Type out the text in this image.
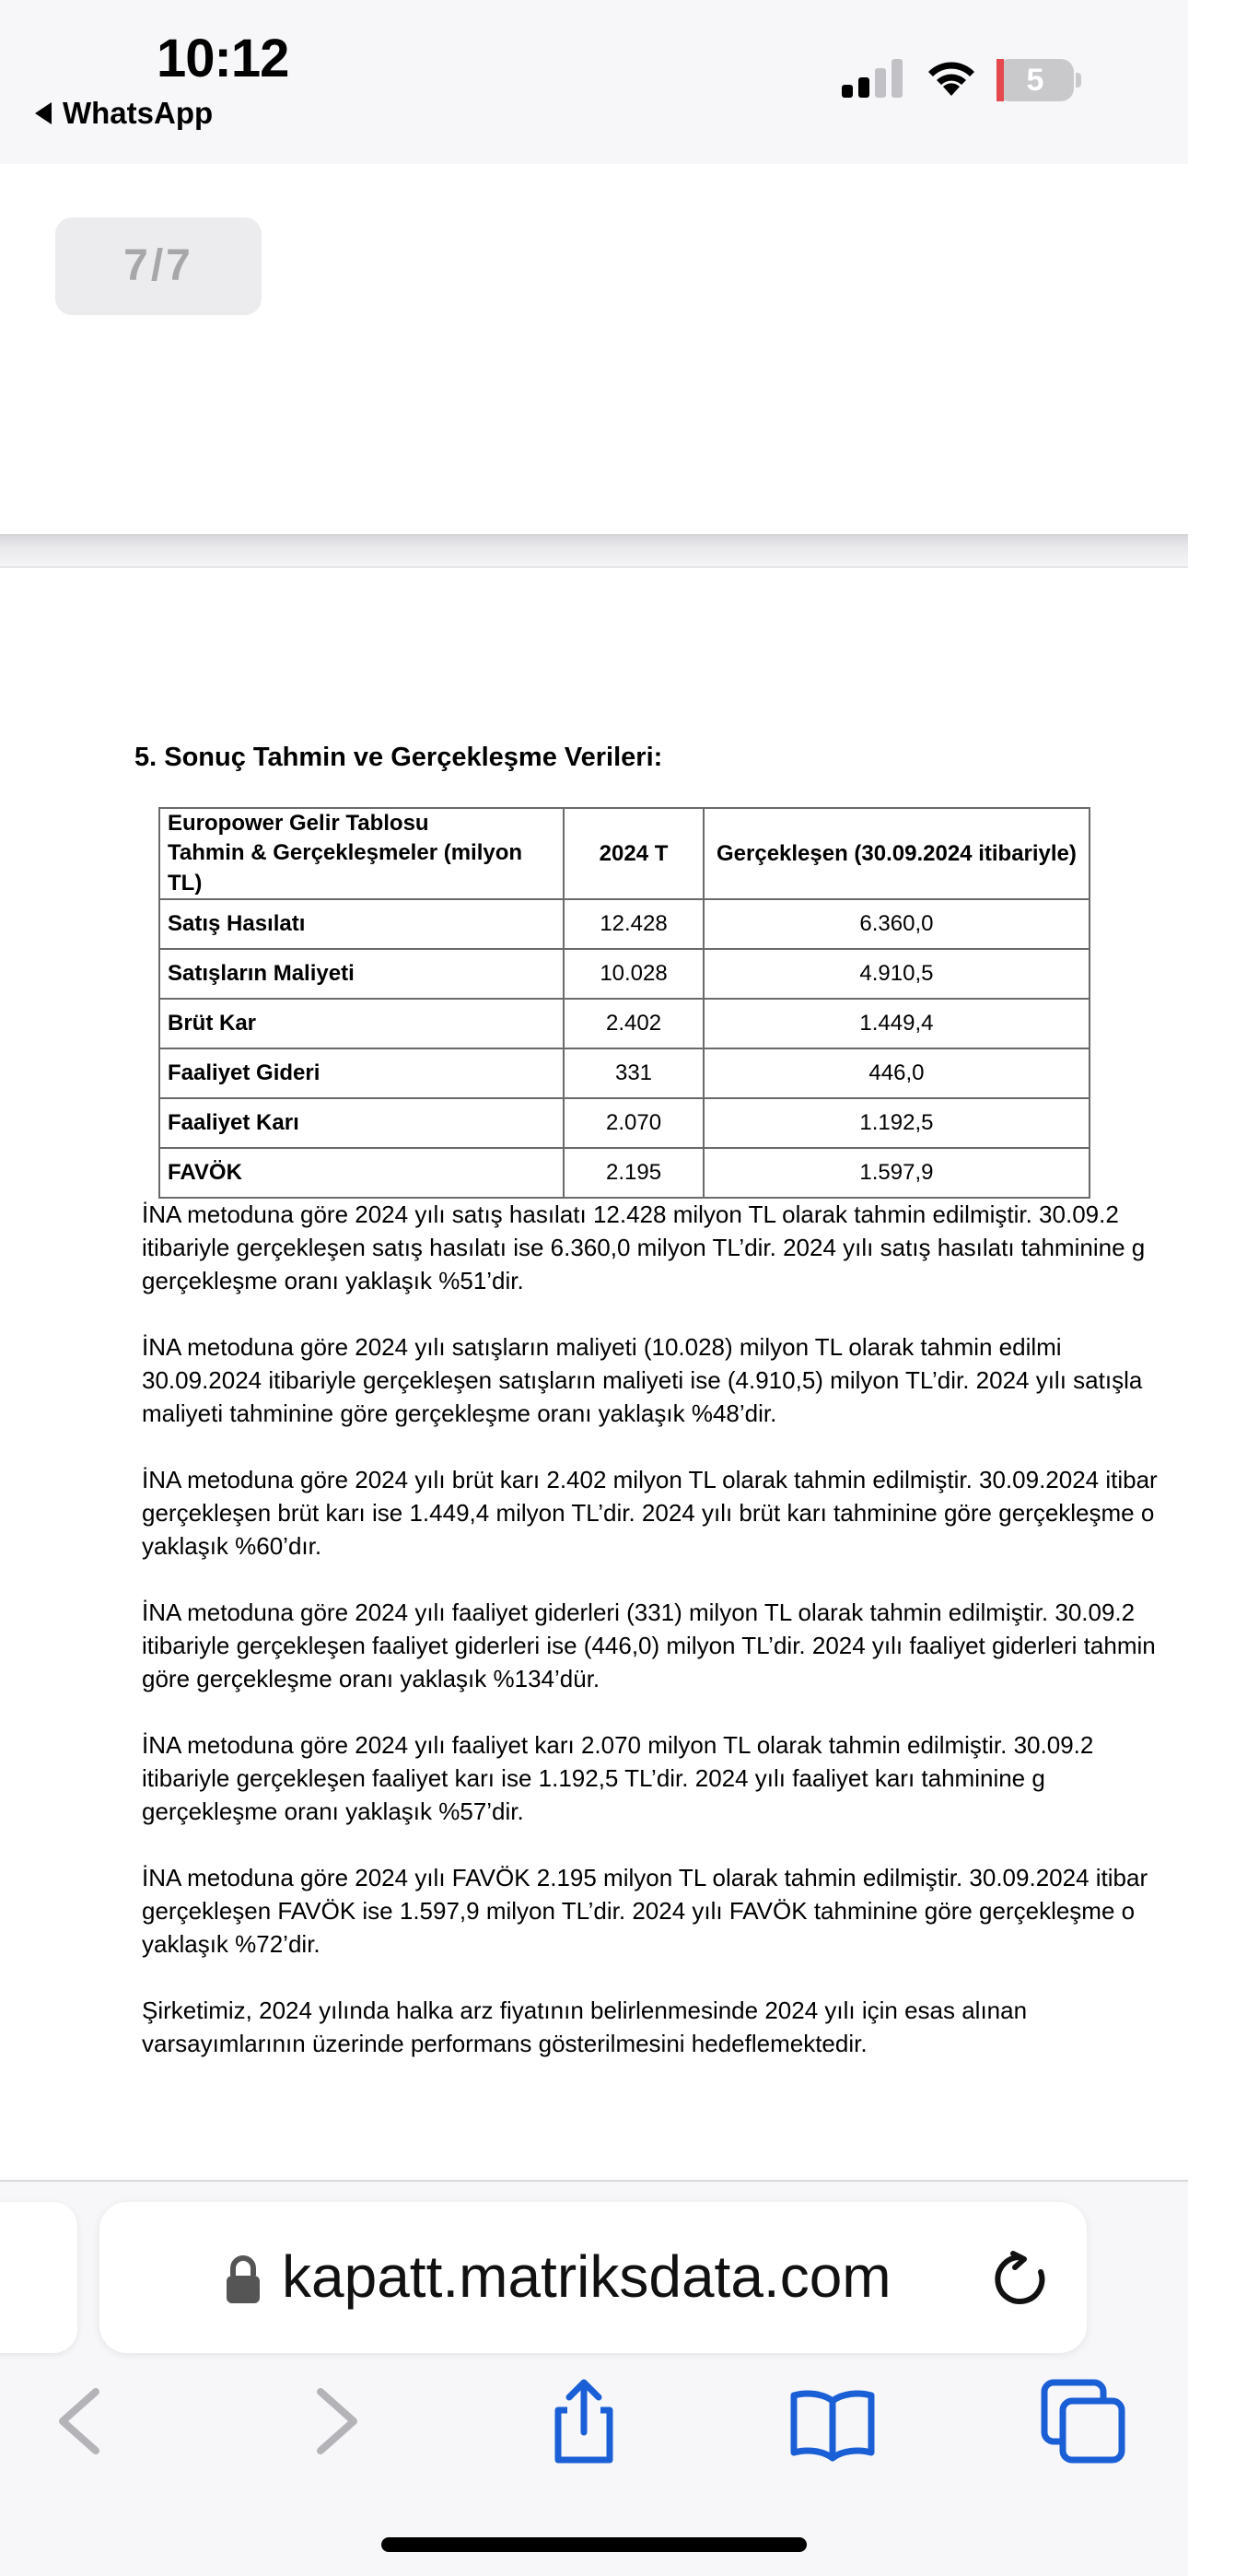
10:12
WhatsApp
5
7/7
5. Sonuç Tahmin ve Gerçekleşme Verileri:
Europower Gelir Tablosu
Tahmin & Gerçekleşmeler (milyon TL)	2024 T	Gerçekleşen (30.09.2024 itibariyle)
Satış Hasılatı	12.428	6.360,0
Satışların Maliyeti	10.028	4.910,5
Brüt Kar	2.402	1.449,4
Faaliyet Gideri	331	446,0
Faaliyet Karı	2.070	1.192,5
FAVÖK	2.195	1.597,9
İNA metoduna göre 2024 yılı satış hasılatı 12.428 milyon TL olarak tahmin edilmiştir. 30.09.2
itibariyle gerçekleşen satış hasılatı ise 6.360,0 milyon TL’dir. 2024 yılı satış hasılatı tahminine g
gerçekleşme oranı yaklaşık %51’dir.
İNA metoduna göre 2024 yılı satışların maliyeti (10.028) milyon TL olarak tahmin edilmi
30.09.2024 itibariyle gerçekleşen satışların maliyeti ise (4.910,5) milyon TL’dir. 2024 yılı satışla
maliyeti tahminine göre gerçekleşme oranı yaklaşık %48’dir.
İNA metoduna göre 2024 yılı brüt karı 2.402 milyon TL olarak tahmin edilmiştir. 30.09.2024 itibar
gerçekleşen brüt karı ise 1.449,4 milyon TL’dir. 2024 yılı brüt karı tahminine göre gerçekleşme o
yaklaşık %60’dır.
İNA metoduna göre 2024 yılı faaliyet giderleri (331) milyon TL olarak tahmin edilmiştir. 30.09.2
itibariyle gerçekleşen faaliyet giderleri ise (446,0) milyon TL’dir. 2024 yılı faaliyet giderleri tahmin
göre gerçekleşme oranı yaklaşık %134’dür.
İNA metoduna göre 2024 yılı faaliyet karı 2.070 milyon TL olarak tahmin edilmiştir. 30.09.2
itibariyle gerçekleşen faaliyet karı ise 1.192,5 TL’dir. 2024 yılı faaliyet karı tahminine g
gerçekleşme oranı yaklaşık %57’dir.
İNA metoduna göre 2024 yılı FAVÖK 2.195 milyon TL olarak tahmin edilmiştir. 30.09.2024 itibar
gerçekleşen FAVÖK ise 1.597,9 milyon TL’dir. 2024 yılı FAVÖK tahminine göre gerçekleşme o
yaklaşık %72’dir.
Şirketimiz, 2024 yılında halka arz fiyatının belirlenmesinde 2024 yılı için esas alınan
varsayımlarının üzerinde performans gösterilmesini hedeflemektedir.
kapatt.matriksdata.com
